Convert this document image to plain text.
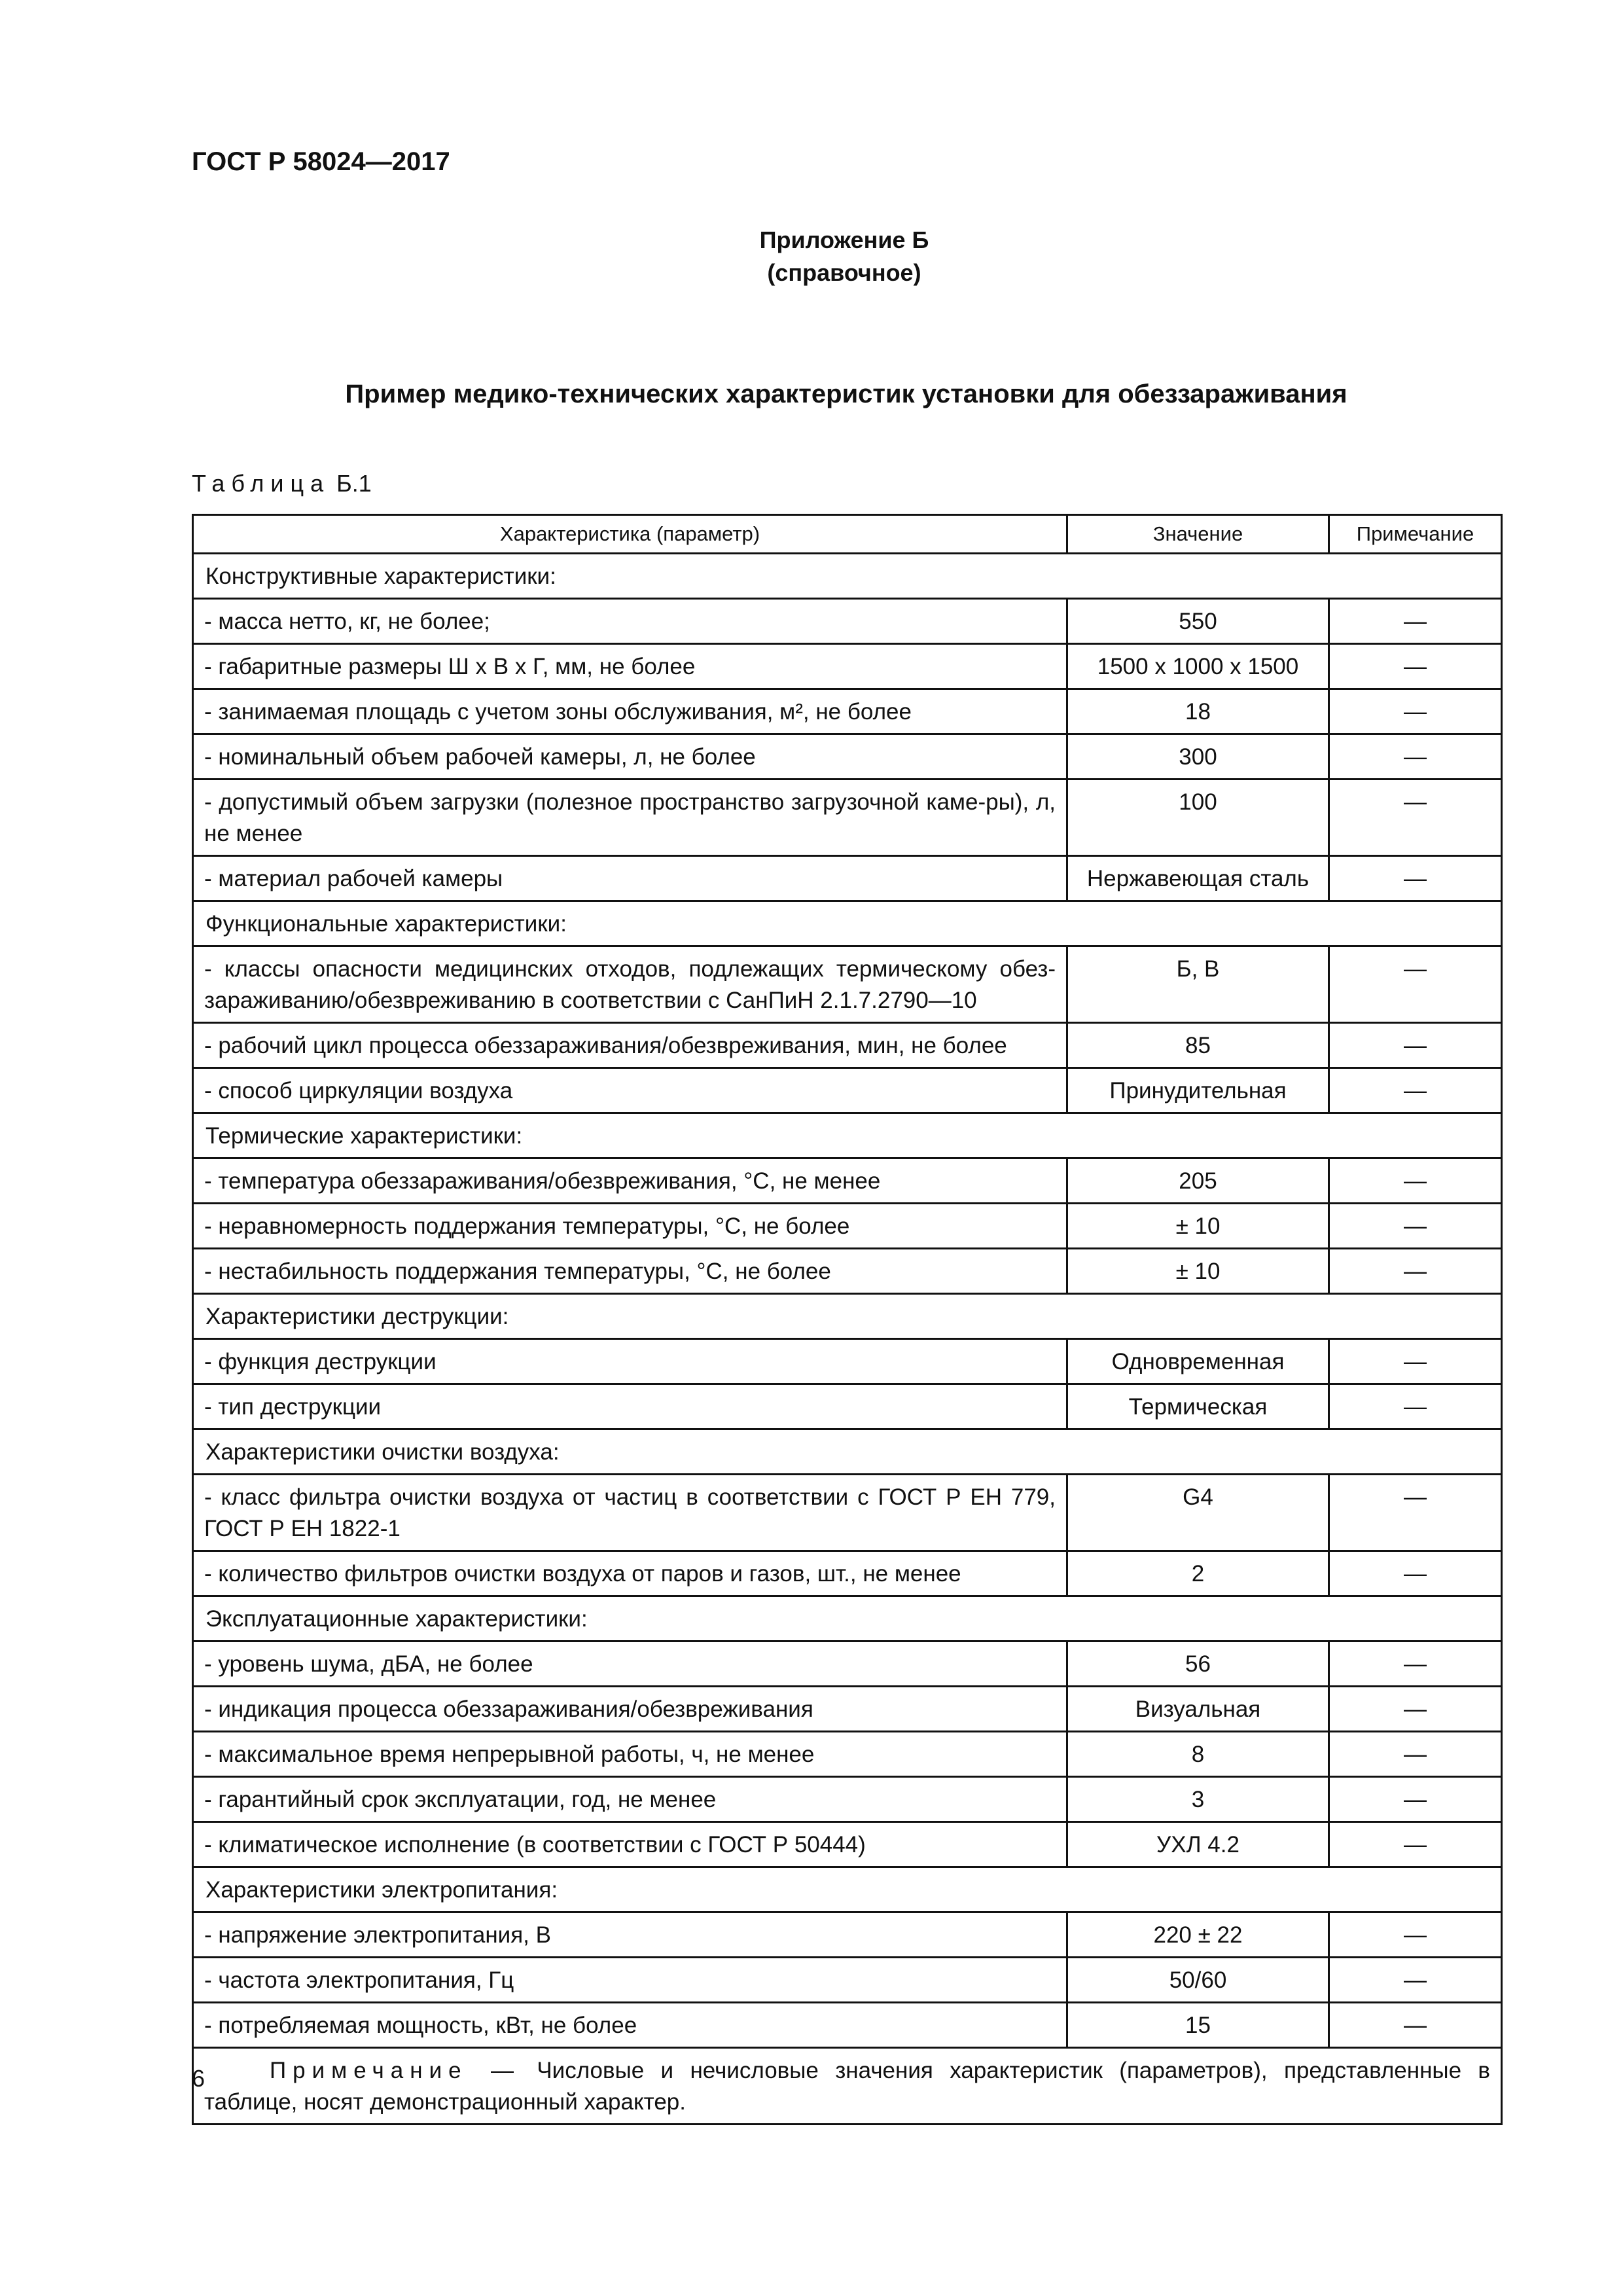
ГОСТ Р 58024—2017
Приложение Б
(справочное)
Пример медико-технических характеристик установки для обеззараживания
Таблица Б.1
Характеристика (параметр)	Значение	Примечание
Конструктивные характеристики:		
- масса нетто, кг, не более;	550	—
- габаритные размеры Ш х В х Г, мм, не более	1500 х 1000 х 1500	—
- занимаемая площадь с учетом зоны обслуживания, м², не более	18	—
- номинальный объем рабочей камеры, л, не более	300	—
- допустимый объем загрузки (полезное пространство загрузочной каме-ры), л, не менее	100	—
- материал рабочей камеры	Нержавеющая сталь	—
Функциональные характеристики:		
- классы опасности медицинских отходов, подлежащих термическому обез-зараживанию/обезвреживанию в соответствии с СанПиН 2.1.7.2790—10	Б, В	—
- рабочий цикл процесса обеззараживания/обезвреживания, мин, не более	85	—
- способ циркуляции воздуха	Принудительная	—
Термические характеристики:		
- температура обеззараживания/обезвреживания, °С, не менее	205	—
- неравномерность поддержания температуры, °С, не более	± 10	—
- нестабильность поддержания температуры, °С, не более	± 10	—
Характеристики деструкции:		
- функция деструкции	Одновременная	—
- тип деструкции	Термическая	—
Характеристики очистки воздуха:		
- класс фильтра очистки воздуха от частиц в соответствии с ГОСТ Р ЕН 779, ГОСТ Р ЕН 1822-1	G4	—
- количество фильтров очистки воздуха от паров и газов, шт., не менее	2	—
Эксплуатационные характеристики:		
- уровень шума, дБА, не более	56	—
- индикация процесса обеззараживания/обезвреживания	Визуальная	—
- максимальное время непрерывной работы, ч, не менее	8	—
- гарантийный срок эксплуатации, год, не менее	3	—
- климатическое исполнение (в соответствии с ГОСТ Р 50444)	УХЛ 4.2	—
Характеристики электропитания:		
- напряжение электропитания, В	220 ± 22	—
- частота электропитания, Гц	50/60	—
- потребляемая мощность, кВт, не более	15	—
Примечание — Числовые и нечисловые значения характеристик (параметров), представленные в таблице, носят демонстрационный характер.		
6
